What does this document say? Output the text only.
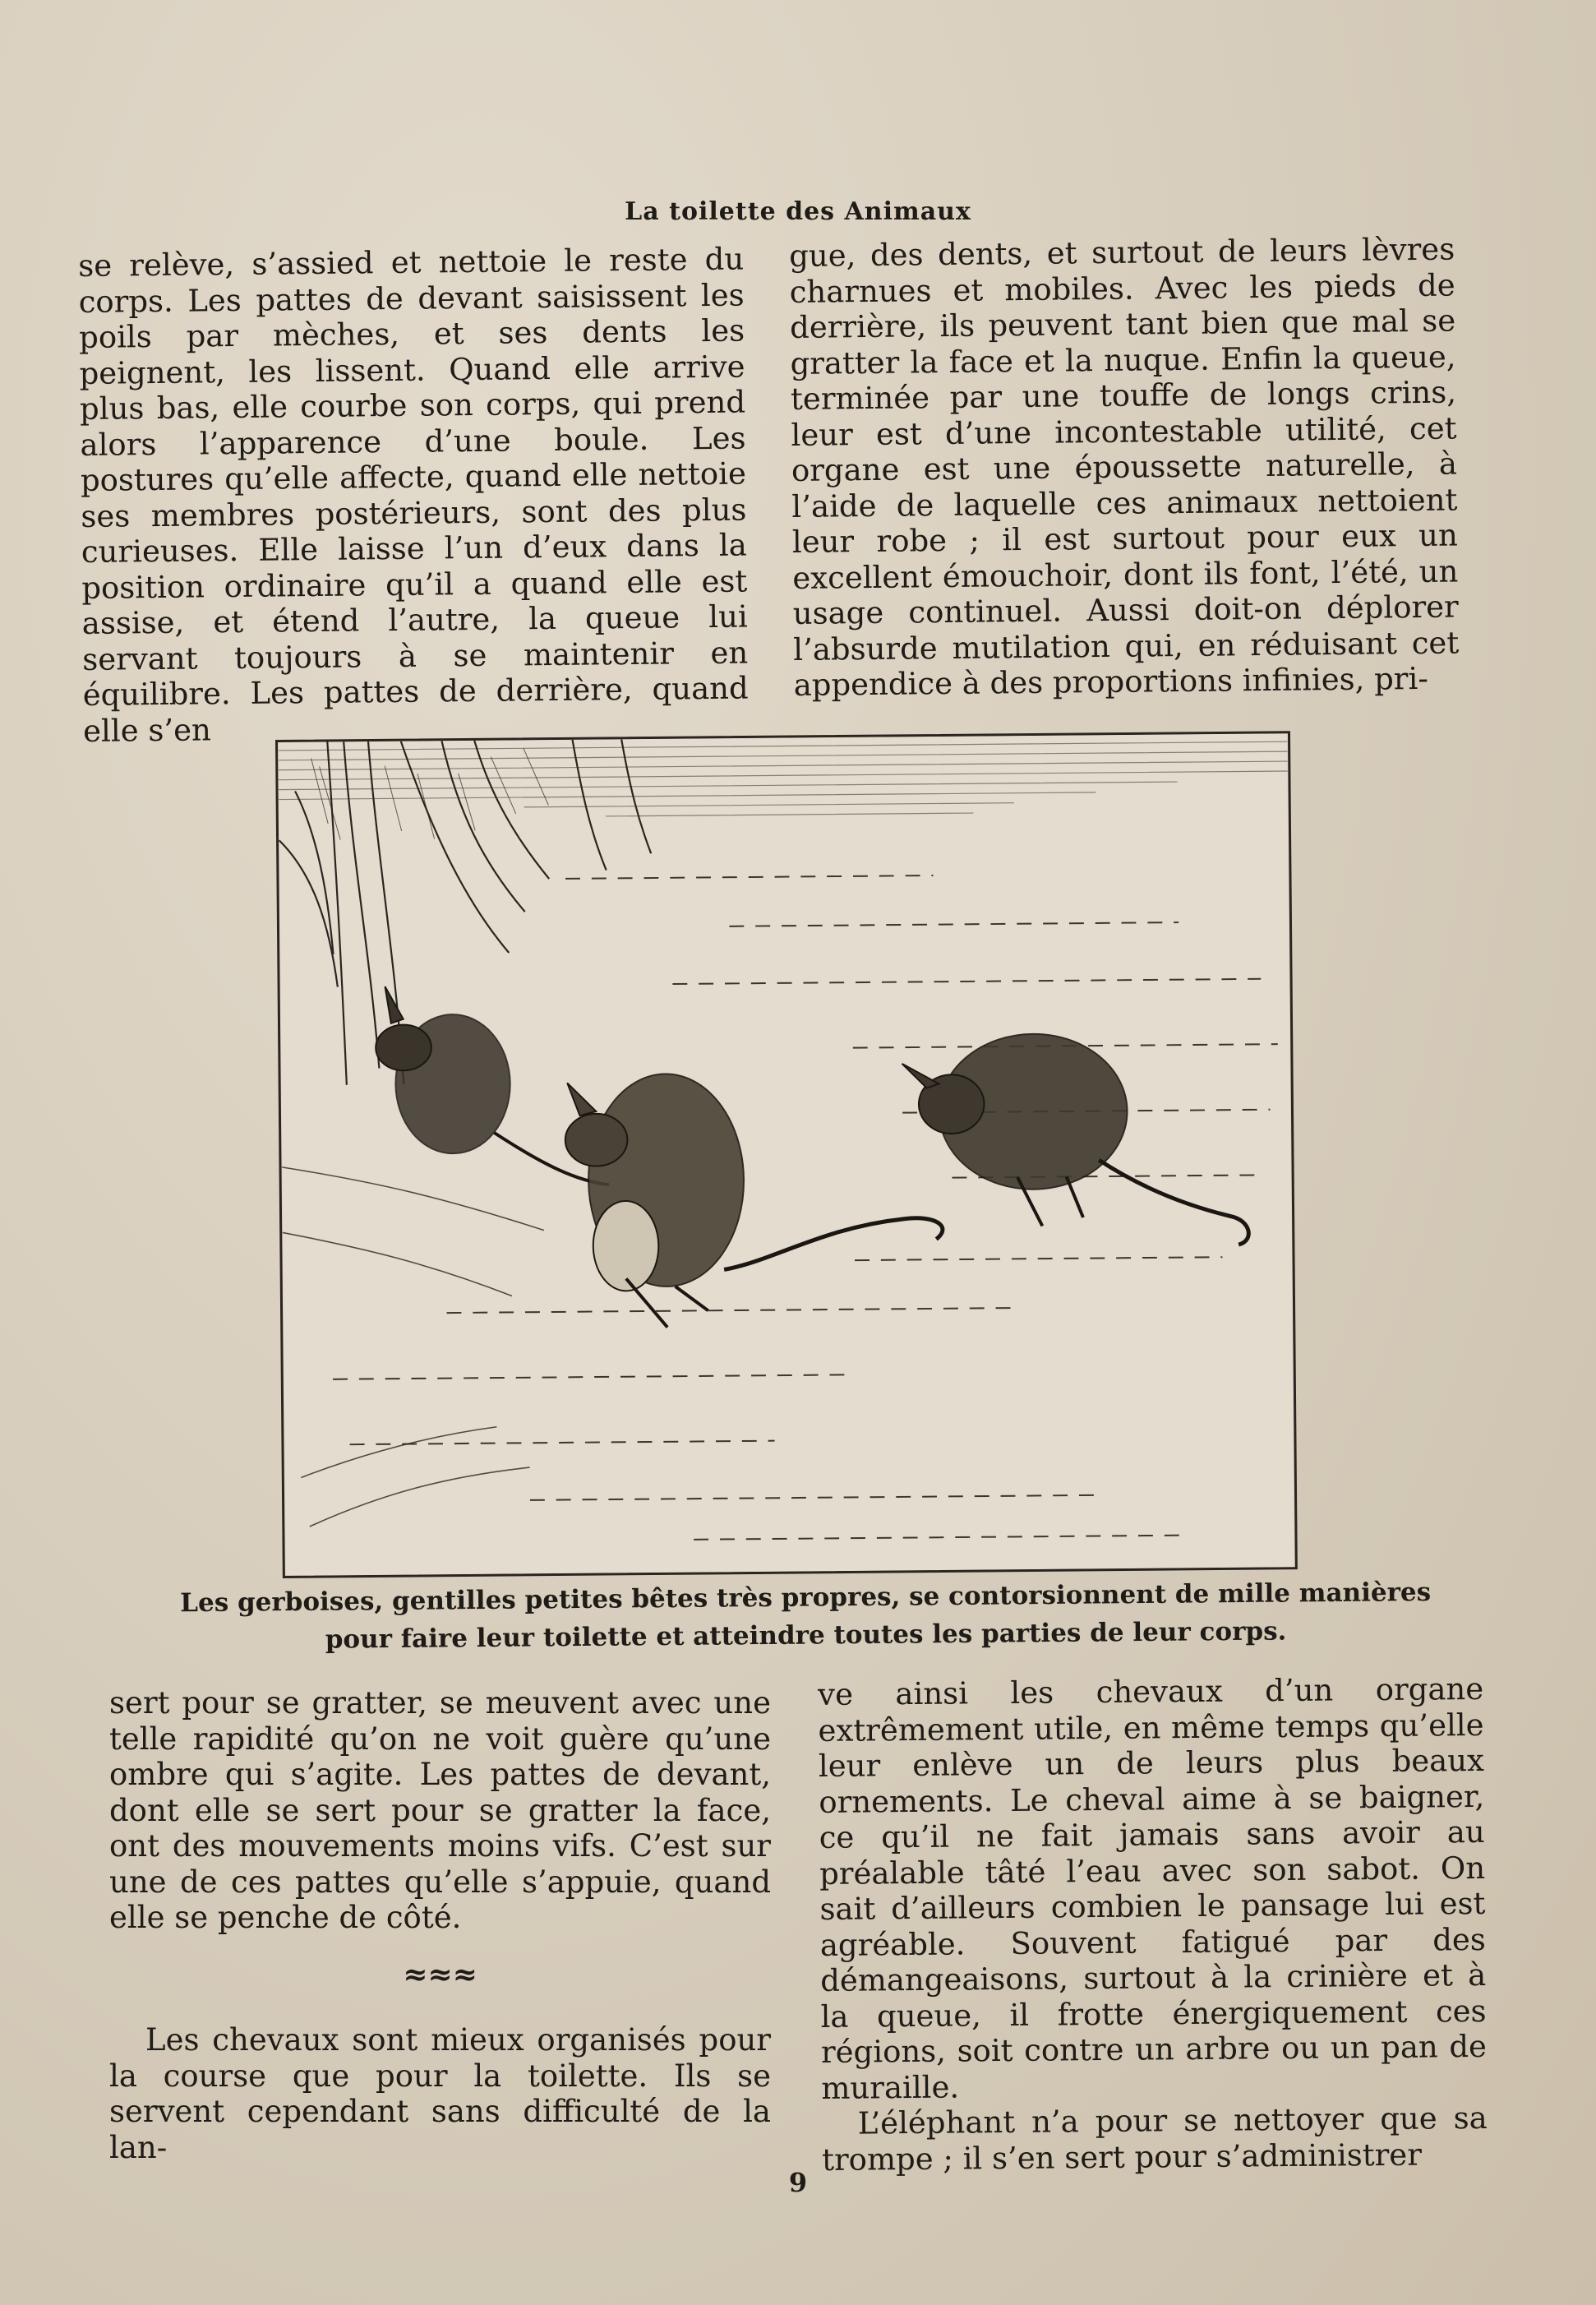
La toilette des Animaux

se relève, s’assied et nettoie le reste du corps. Les pattes de devant saisissent les poils par mèches, et ses dents les peignent, les lissent. Quand elle arrive plus bas, elle courbe son corps, qui prend alors l’apparence d’une boule. Les postures qu’elle affecte, quand elle nettoie ses membres postérieurs, sont des plus curieuses. Elle laisse l’un d’eux dans la position ordinaire qu’il a quand elle est assise, et étend l’autre, la queue lui servant toujours à se maintenir en équilibre. Les pattes de derrière, quand elle s’en

gue, des dents, et surtout de leurs lèvres charnues et mobiles. Avec les pieds de derrière, ils peuvent tant bien que mal se gratter la face et la nuque. Enfin la queue, terminée par une touffe de longs crins, leur est d’une incontestable utilité, cet organe est une époussette naturelle, à l’aide de laquelle ces animaux nettoient leur robe ; il est surtout pour eux un excellent émouchoir, dont ils font, l’été, un usage continuel. Aussi doit-on déplorer l’absurde mutilation qui, en réduisant cet appendice à des proportions infinies, pri-

Les gerboises, gentilles petites bêtes très propres, se contorsionnent de mille manières
pour faire leur toilette et atteindre toutes les parties de leur corps.

sert pour se gratter, se meuvent avec une telle rapidité qu’on ne voit guère qu’une ombre qui s’agite. Les pattes de devant, dont elle se sert pour se gratter la face, ont des mouvements moins vifs. C’est sur une de ces pattes qu’elle s’appuie, quand elle se penche de côté.

≈≈≈

Les chevaux sont mieux organisés pour la course que pour la toilette. Ils se servent cependant sans difficulté de la lan-

ve ainsi les chevaux d’un organe extrêmement utile, en même temps qu’elle leur enlève un de leurs plus beaux ornements. Le cheval aime à se baigner, ce qu’il ne fait jamais sans avoir au préalable tâté l’eau avec son sabot. On sait d’ailleurs combien le pansage lui est agréable. Souvent fatigué par des démangeaisons, surtout à la crinière et à la queue, il frotte énergiquement ces régions, soit contre un arbre ou un pan de muraille.

L’éléphant n’a pour se nettoyer que sa trompe ; il s’en sert pour s’administrer

9
